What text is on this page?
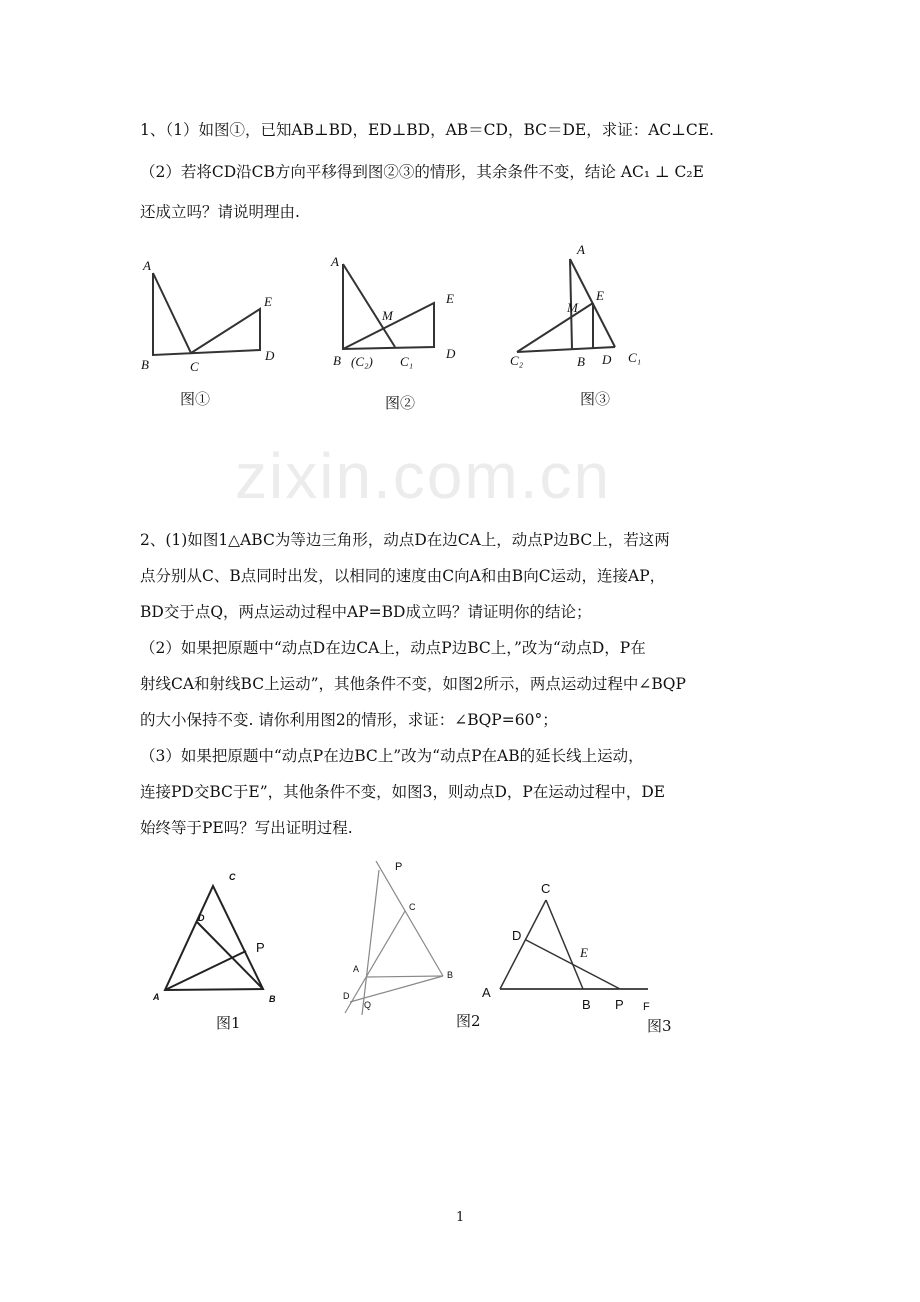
zixin.com.cn
1、（1）如图①，已知AB⊥BD，ED⊥BD，AB＝CD，BC＝DE，求证：AC⊥CE.
（2）若将CD沿CB方向平移得到图②③的情形，其余条件不变，结论 AC₁ ⊥ C₂E
还成立吗？请说明理由.
A
B	C
D
E
A
B (C₂) C₁
D
E
M
A
E
M
C₂	B D C₁
C
D
P
A	B
P
C
A
B
D
Q
C
D
E
A
B P F
图①	图②	图③
2、(1)如图1△ABC为等边三角形，动点D在边CA上，动点P边BC上，若这两
点分别从C、B点同时出发，以相同的速度由C向A和由B向C运动，连接AP，
BD交于点Q，两点运动过程中AP=BD成立吗？请证明你的结论；
（2）如果把原题中“动点D在边CA上，动点P边BC上，”改为“动点D，P在
射线CA和射线BC上运动”，其他条件不变，如图2所示，两点运动过程中∠BQP
的大小保持不变. 请你利用图2的情形，求证：∠BQP=60°；
（3）如果把原题中“动点P在边BC上”改为“动点P在AB的延长线上运动，
连接PD交BC于E”，其他条件不变，如图3，则动点D，P在运动过程中，DE
始终等于PE吗？写出证明过程.
图1	图2	图3
1
